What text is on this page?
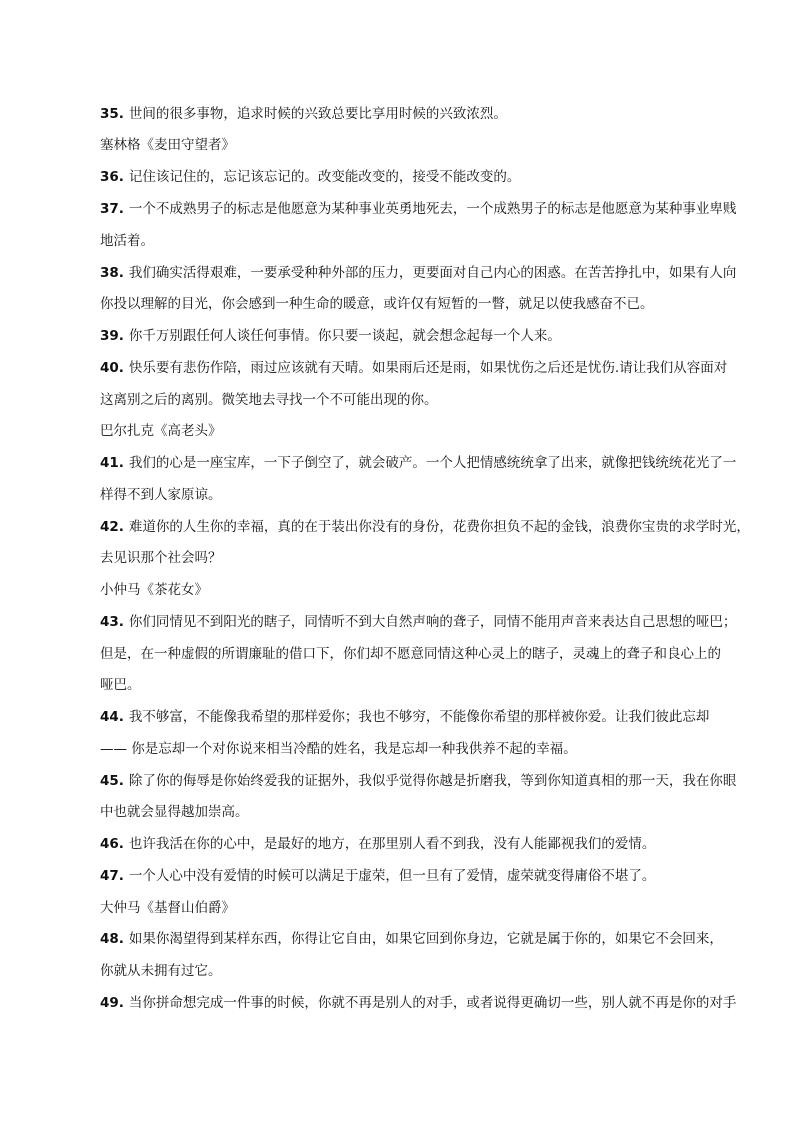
35. 世间的很多事物，追求时候的兴致总要比享用时候的兴致浓烈。
塞林格《麦田守望者》
36. 记住该记住的，忘记该忘记的。改变能改变的，接受不能改变的。
37. 一个不成熟男子的标志是他愿意为某种事业英勇地死去，一个成熟男子的标志是他愿意为某种事业卑贱
地活着。
38. 我们确实活得艰难，一要承受种种外部的压力，更要面对自己内心的困惑。在苦苦挣扎中，如果有人向
你投以理解的目光，你会感到一种生命的暖意，或许仅有短暂的一瞥，就足以使我感奋不已。
39. 你千万别跟任何人谈任何事情。你只要一谈起，就会想念起每一个人来。
40. 快乐要有悲伤作陪，雨过应该就有天晴。如果雨后还是雨，如果忧伤之后还是忧伤.请让我们从容面对
这离别之后的离别。微笑地去寻找一个不可能出现的你。
巴尔扎克《高老头》
41. 我们的心是一座宝库，一下子倒空了，就会破产。一个人把情感统统拿了出来，就像把钱统统花光了一
样得不到人家原谅。
42. 难道你的人生你的幸福，真的在于装出你没有的身份，花费你担负不起的金钱，浪费你宝贵的求学时光，
去见识那个社会吗？
小仲马《茶花女》
43. 你们同情见不到阳光的瞎子，同情听不到大自然声响的聋子，同情不能用声音来表达自己思想的哑巴；
但是，在一种虚假的所谓廉耻的借口下，你们却不愿意同情这种心灵上的瞎子，灵魂上的聋子和良心上的
哑巴。
44. 我不够富，不能像我希望的那样爱你；我也不够穷，不能像你希望的那样被你爱。让我们彼此忘却
—— 你是忘却一个对你说来相当冷酷的姓名，我是忘却一种我供养不起的幸福。
45. 除了你的侮辱是你始终爱我的证据外，我似乎觉得你越是折磨我，等到你知道真相的那一天，我在你眼
中也就会显得越加崇高。
46. 也许我活在你的心中，是最好的地方，在那里别人看不到我，没有人能鄙视我们的爱情。
47. 一个人心中没有爱情的时候可以满足于虚荣，但一旦有了爱情，虚荣就变得庸俗不堪了。
大仲马《基督山伯爵》
48. 如果你渴望得到某样东西，你得让它自由，如果它回到你身边，它就是属于你的，如果它不会回来，
你就从未拥有过它。
49. 当你拼命想完成一件事的时候，你就不再是别人的对手，或者说得更确切一些，别人就不再是你的对手
